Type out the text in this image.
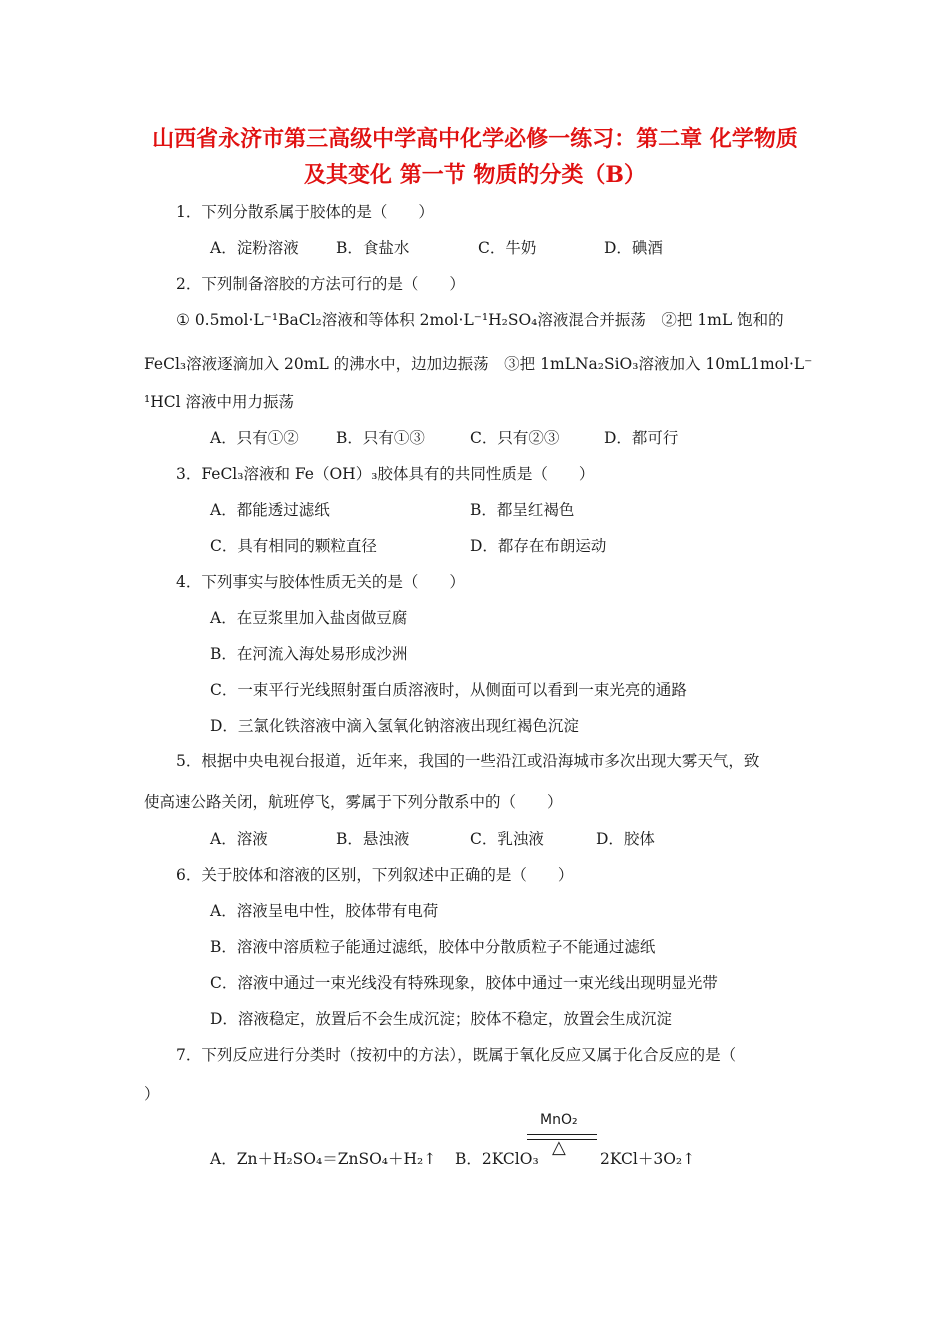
山西省永济市第三高级中学高中化学必修一练习：第二章 化学物质
及其变化 第一节 物质的分类（B）
1．下列分散系属于胶体的是（　　）
A．淀粉溶液 B．食盐水	C．牛奶	D．碘酒
2．下列制备溶胶的方法可行的是（　　）
① 0.5mol·L⁻¹BaCl₂溶液和等体积 2mol·L⁻¹H₂SO₄溶液混合并振荡　②把 1mL 饱和的
FeCl₃溶液逐滴加入 20mL 的沸水中，边加边振荡　③把 1mLNa₂SiO₃溶液加入 10mL1mol·L⁻
¹HCl 溶液中用力振荡
A．只有①② B．只有①③	C．只有②③	D．都可行
3．FeCl₃溶液和 Fe（OH）₃胶体具有的共同性质是（　　）
A．都能透过滤纸	B．都呈红褐色
C．具有相同的颗粒直径	D．都存在布朗运动
4．下列事实与胶体性质无关的是（　　）
A．在豆浆里加入盐卤做豆腐
B．在河流入海处易形成沙洲
C．一束平行光线照射蛋白质溶液时，从侧面可以看到一束光亮的通路
D．三氯化铁溶液中滴入氢氧化钠溶液出现红褐色沉淀
5．根据中央电视台报道，近年来，我国的一些沿江或沿海城市多次出现大雾天气，致
使高速公路关闭，航班停飞，雾属于下列分散系中的（　　）
A．溶液	B．悬浊液	C．乳浊液	D．胶体
6．关于胶体和溶液的区别，下列叙述中正确的是（　　）
A．溶液呈电中性，胶体带有电荷
B．溶液中溶质粒子能通过滤纸，胶体中分散质粒子不能通过滤纸
C．溶液中通过一束光线没有特殊现象，胶体中通过一束光线出现明显光带
D．溶液稳定，放置后不会生成沉淀；胶体不稳定，放置会生成沉淀
7．下列反应进行分类时（按初中的方法），既属于氧化反应又属于化合反应的是（
）
A．Zn＋H₂SO₄＝ZnSO₄＋H₂↑ B．2KClO₃
MnO₂
△
2KCl＋3O₂↑
